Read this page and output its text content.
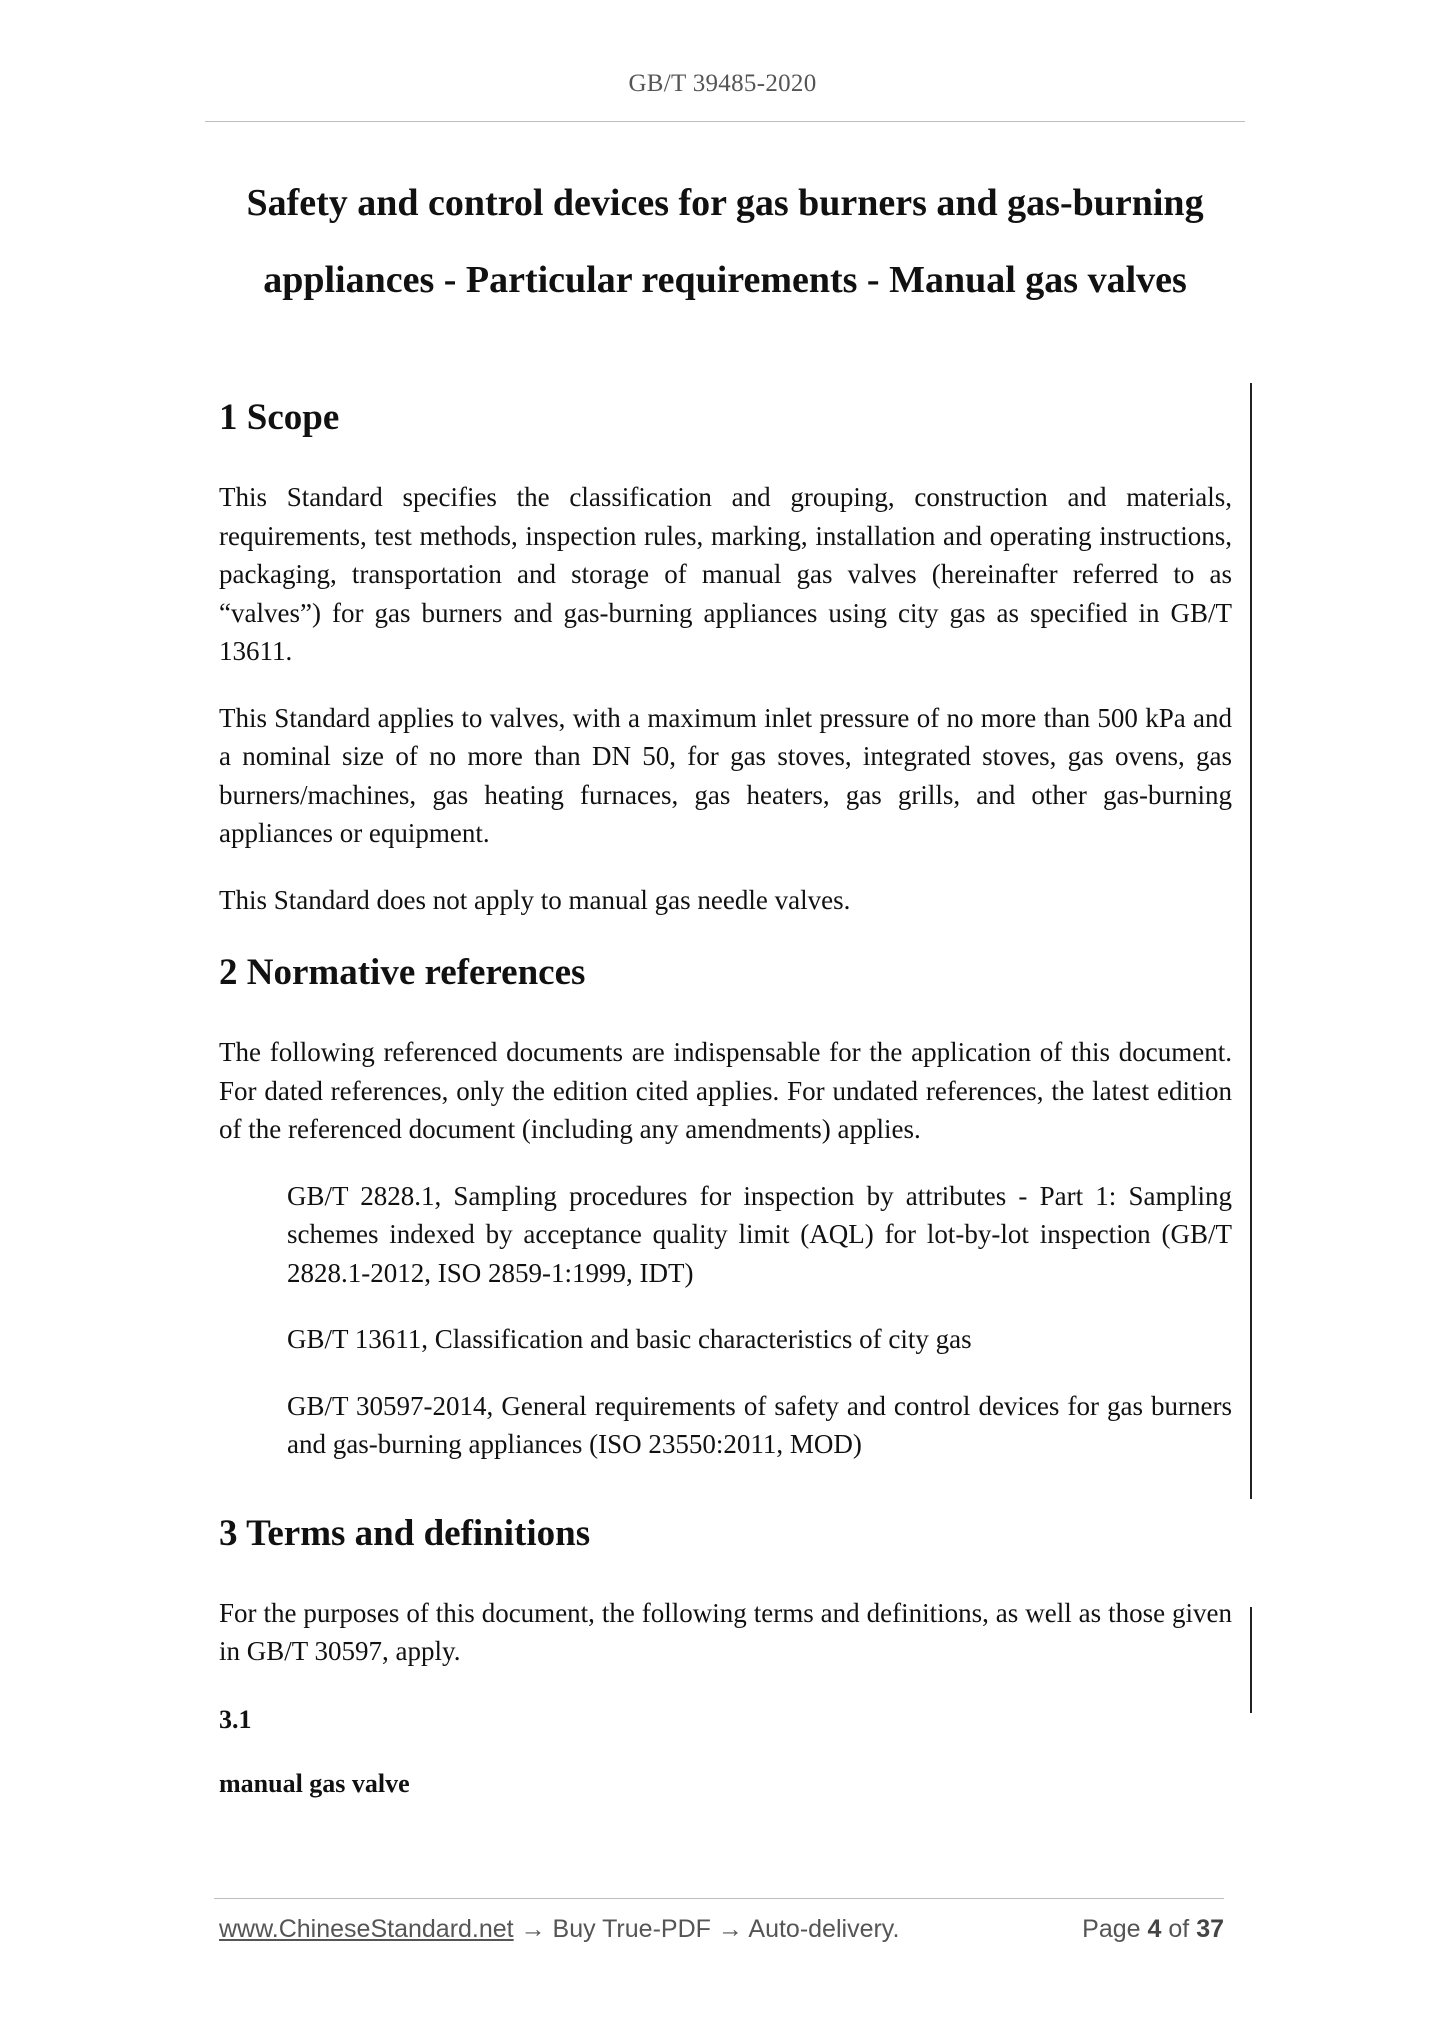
GB/T 39485-2020
Safety and control devices for gas burners and gas-burning
appliances - Particular requirements - Manual gas valves
1 Scope

This Standard specifies the classification and grouping, construction and materials, requirements, test methods, inspection rules, marking, installation and operating instructions, packaging, transportation and storage of manual gas valves (hereinafter referred to as “valves”) for gas burners and gas-burning appliances using city gas as specified in GB/T 13611.

This Standard applies to valves, with a maximum inlet pressure of no more than 500 kPa and a nominal size of no more than DN 50, for gas stoves, integrated stoves, gas ovens, gas burners/machines, gas heating furnaces, gas heaters, gas grills, and other gas-burning appliances or equipment.

This Standard does not apply to manual gas needle valves.

2 Normative references

The following referenced documents are indispensable for the application of this document. For dated references, only the edition cited applies. For undated references, the latest edition of the referenced document (including any amendments) applies.

GB/T 2828.1, Sampling procedures for inspection by attributes - Part 1: Sampling schemes indexed by acceptance quality limit (AQL) for lot-by-lot inspection (GB/T 2828.1-2012, ISO 2859-1:1999, IDT)

GB/T 13611, Classification and basic characteristics of city gas

GB/T 30597-2014, General requirements of safety and control devices for gas burners and gas-burning appliances (ISO 23550:2011, MOD)

3 Terms and definitions

For the purposes of this document, the following terms and definitions, as well as those given in GB/T 30597, apply.

3.1
manual gas valve
www.ChineseStandard.net → Buy True-PDF → Auto-delivery.	Page 4 of 37
